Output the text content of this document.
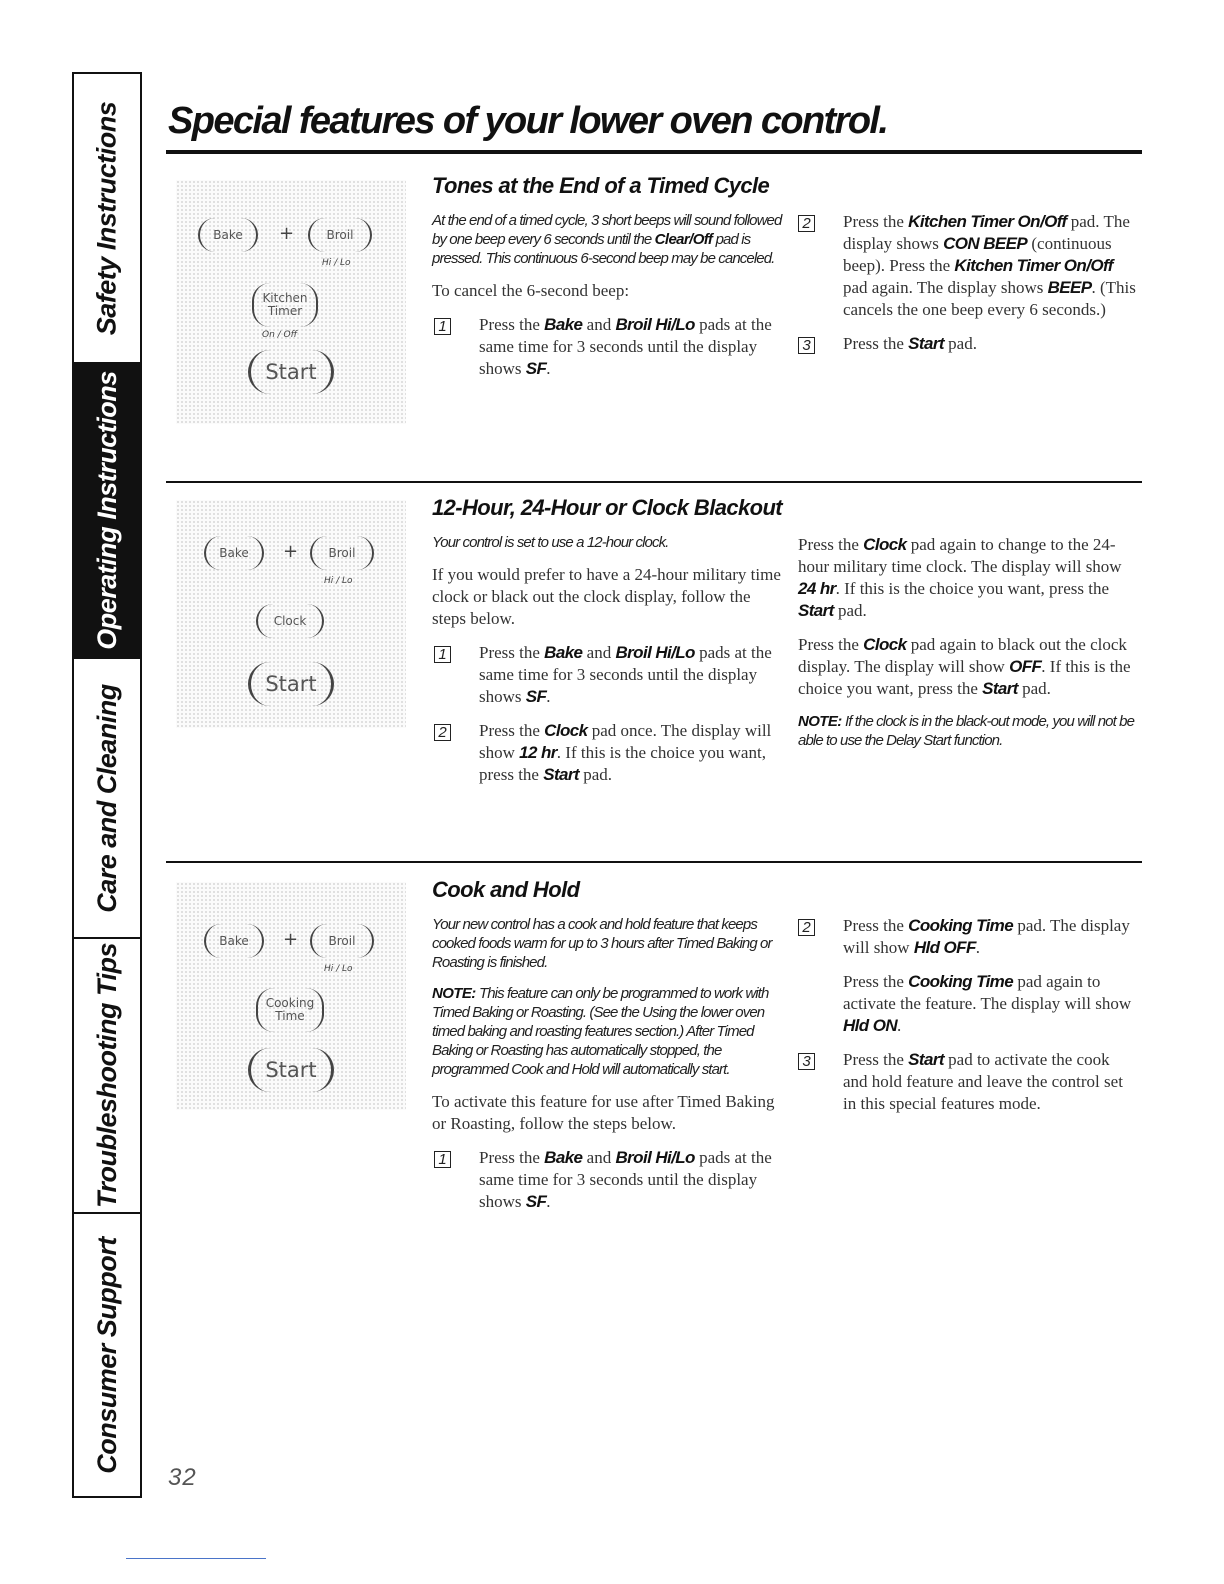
Safety Instructions
Operating Instructions
Care and Cleaning
Troubleshooting Tips
Consumer Support
Special features of your lower oven control.
Bake	+	Broil
Hi / Lo
Kitchen
Timer
On / Off
Start
Tones at the End of a Timed Cycle

At the end of a timed cycle, 3 short beeps will sound followed by one beep every 6 seconds until the Clear/Off pad is pressed. This continuous 6-second beep may be canceled.

To cancel the 6-second beep:

1 Press the Bake and Broil Hi/Lo pads at the same time for 3 seconds until the display shows SF.
2 Press the Kitchen Timer On/Off pad. The display shows CON BEEP (continuous beep). Press the Kitchen Timer On/Off pad again. The display shows BEEP. (This cancels the one beep every 6 seconds.)
3 Press the Start pad.
Bake	+	Broil
Hi / Lo
Clock
Start
12-Hour, 24-Hour or Clock Blackout

Your control is set to use a 12-hour clock.

If you would prefer to have a 24-hour military time clock or black out the clock display, follow the steps below.

1 Press the Bake and Broil Hi/Lo pads at the same time for 3 seconds until the display shows SF.
2 Press the Clock pad once. The display will show 12 hr. If this is the choice you want, press the Start pad.

Press the Clock pad again to change to the 24-hour military time clock. The display will show 24 hr. If this is the choice you want, press the Start pad.

Press the Clock pad again to black out the clock display. The display will show OFF. If this is the choice you want, press the Start pad.

NOTE: If the clock is in the black-out mode, you will not be able to use the Delay Start function.

Bake	+	Broil
Hi / Lo
Cooking
Time
Start
Cook and Hold

Your new control has a cook and hold feature that keeps cooked foods warm for up to 3 hours after Timed Baking or Roasting is finished.

NOTE: This feature can only be programmed to work with Timed Baking or Roasting. (See the Using the lower oven timed baking and roasting features section.) After Timed Baking or Roasting has automatically stopped, the programmed Cook and Hold will automatically start.

To activate this feature for use after Timed Baking or Roasting, follow the steps below.

1 Press the Bake and Broil Hi/Lo pads at the same time for 3 seconds until the display shows SF.
2 Press the Cooking Time pad. The display will show Hld OFF.

Press the Cooking Time pad again to activate the feature. The display will show Hld ON.

3 Press the Start pad to activate the cook and hold feature and leave the control set in this special features mode.
32
